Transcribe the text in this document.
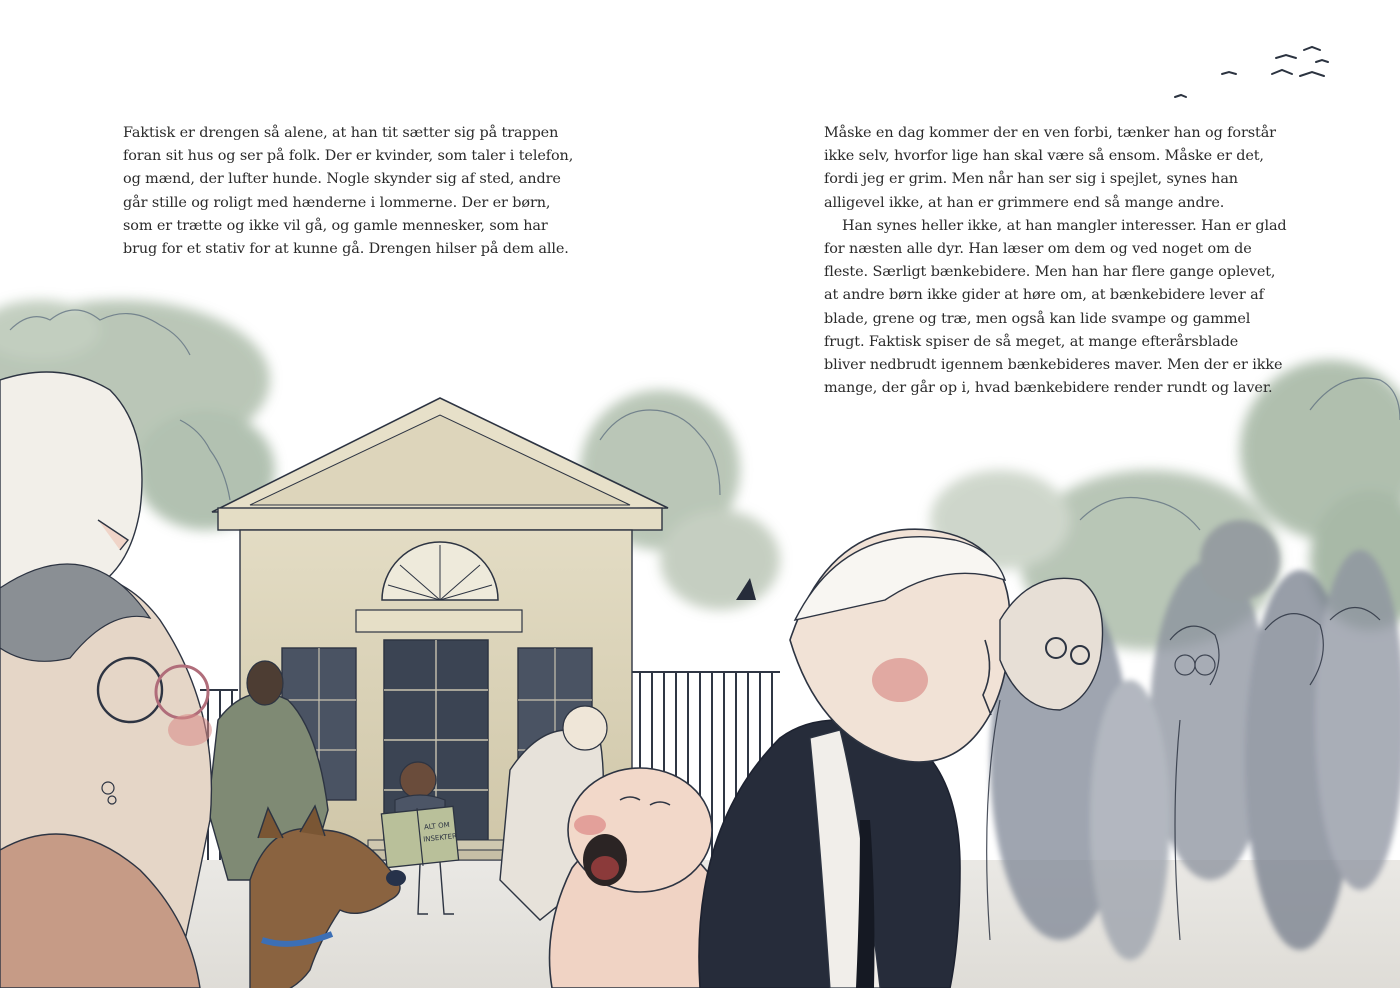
ALT OM
INSEKTER

Faktisk er drengen så alene, at han tit sætter sig på trappen
foran sit hus og ser på folk. Der er kvinder, som taler i telefon,
og mænd, der lufter hunde. Nogle skynder sig af sted, andre
går stille og roligt med hænderne i lommerne. Der er børn,
som er trætte og ikke vil gå, og gamle mennesker, som har
brug for et stativ for at kunne gå. Drengen hilser på dem alle.

Måske en dag kommer der en ven forbi, tænker han og forstår
ikke selv, hvorfor lige han skal være så ensom. Måske er det,
fordi jeg er grim. Men når han ser sig i spejlet, synes han
alligevel ikke, at han er grimmere end så mange andre.

Han synes heller ikke, at han mangler interesser. Han er glad
for næsten alle dyr. Han læser om dem og ved noget om de
fleste. Særligt bænkebidere. Men han har flere gange oplevet,
at andre børn ikke gider at høre om, at bænkebidere lever af
blade, grene og træ, men også kan lide svampe og gammel
frugt. Faktisk spiser de så meget, at mange efterårsblade
bliver nedbrudt igennem bænkebideres maver. Men der er ikke
mange, der går op i, hvad bænkebidere render rundt og laver.
